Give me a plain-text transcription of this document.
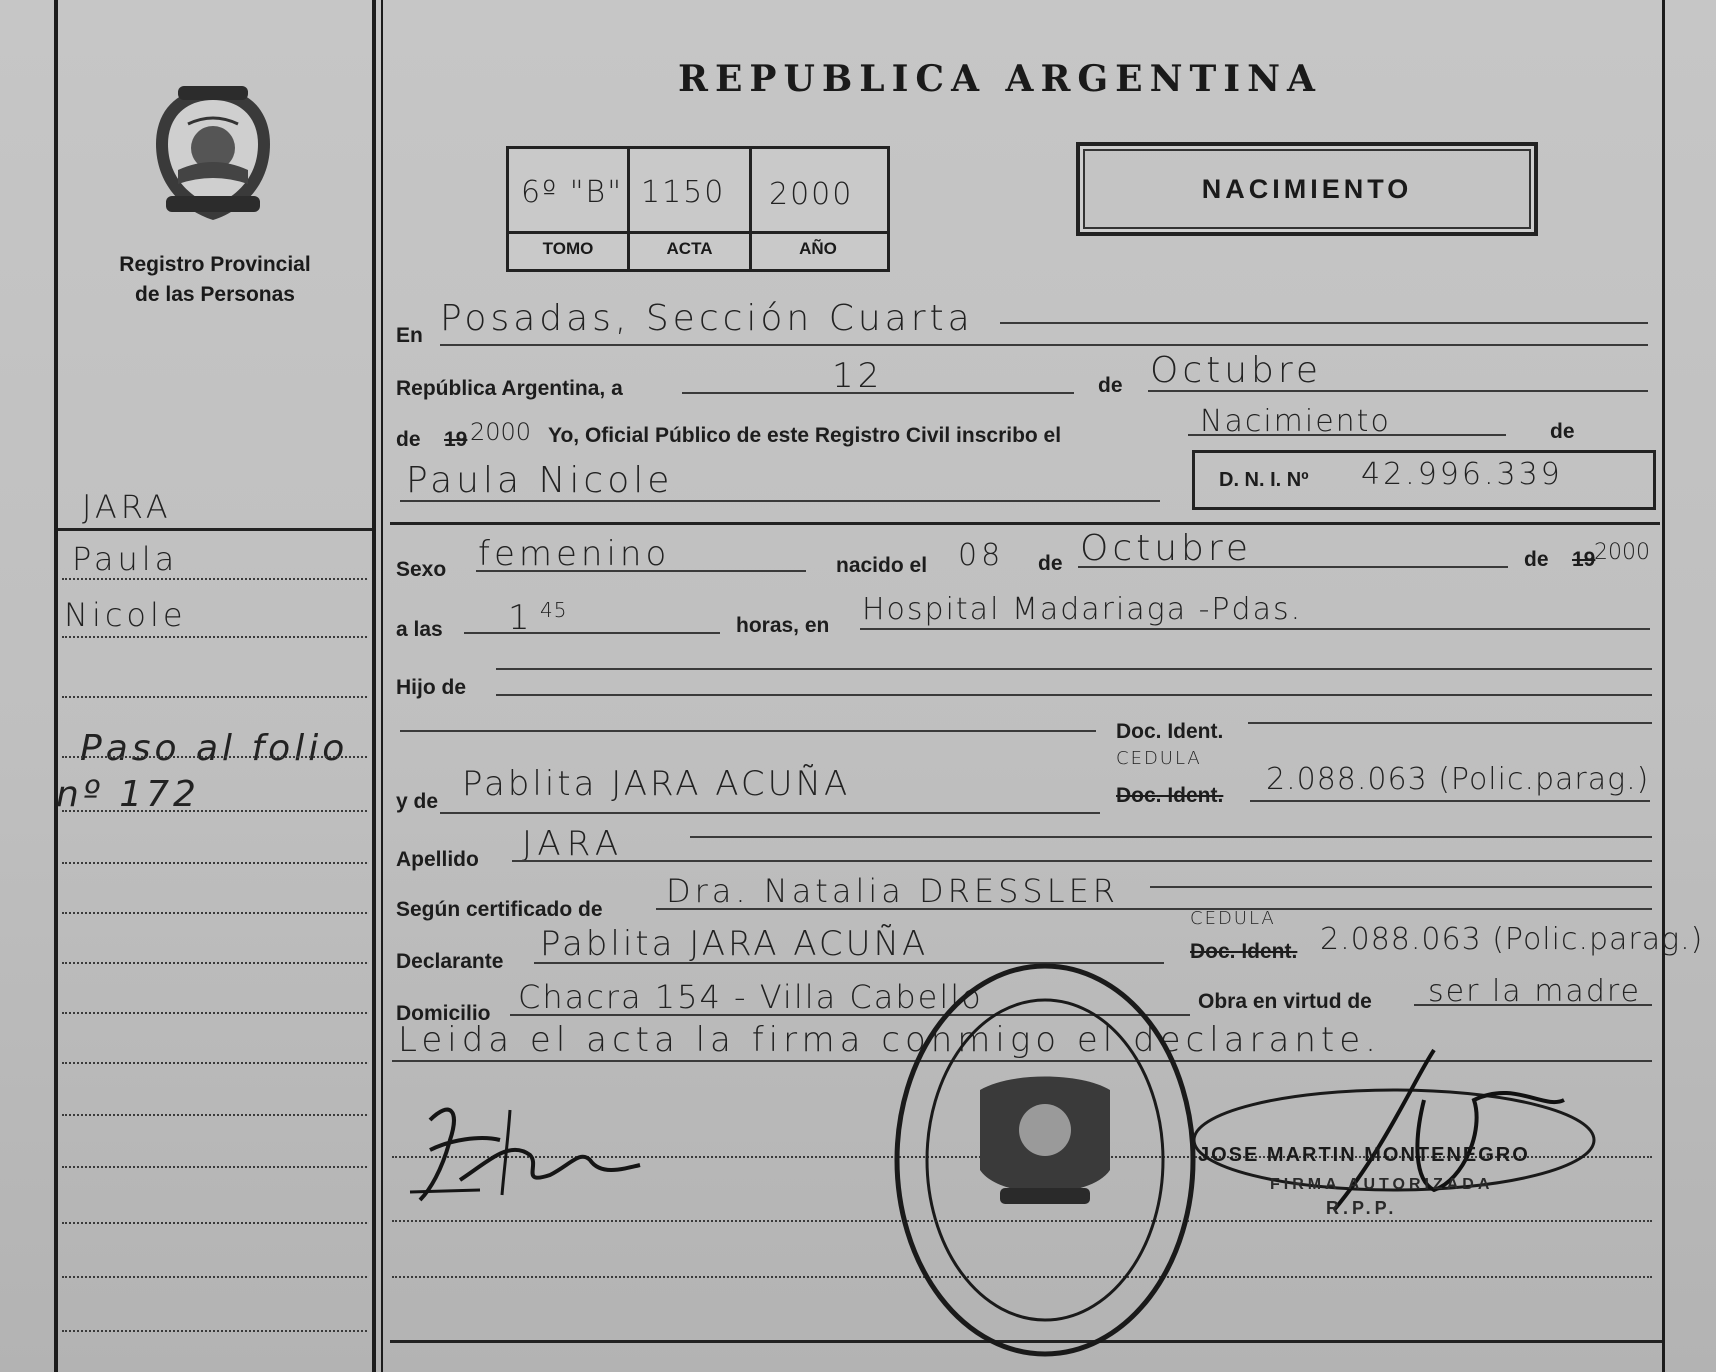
Registro Provincial
de las Personas
JARA
Paula
Nicole
Paso al folio
nº 172
REPUBLICA ARGENTINA
6º "B" 1150 2000
TOMO	ACTA	AÑO
NACIMIENTO
En Posadas, Sección Cuarta
República Argentina, a	12	de Octubre
de 19 2000 Yo, Oficial Público de este Registro Civil inscribo el	Nacimiento	de
Paula Nicole	D. N. I. Nº 42.996.339
Sexo femenino	nacido el 08 de Octubre	de 19
2000
a las 1 45
horas, en Hospital Madariaga -Pdas.
Hijo de
Doc. Ident.
y de Pablita JARA ACUÑA
CEDULA
Doc. Ident. 2.088.063 (Polic.parag.)
Apellido JARA
Según certificado de Dra. Natalia DRESSLER
Declarante Pablita JARA ACUÑA
CEDULA
Doc. Ident. 2.088.063 (Polic.parag.)
Domicilio Chacra 154 - Villa Cabello	Obra en virtud de ser la madre
Leida el acta la firma conmigo el declarante.
JOSE MARTIN MONTENEGRO
FIRMA AUTORIZADA
R.P.P.
